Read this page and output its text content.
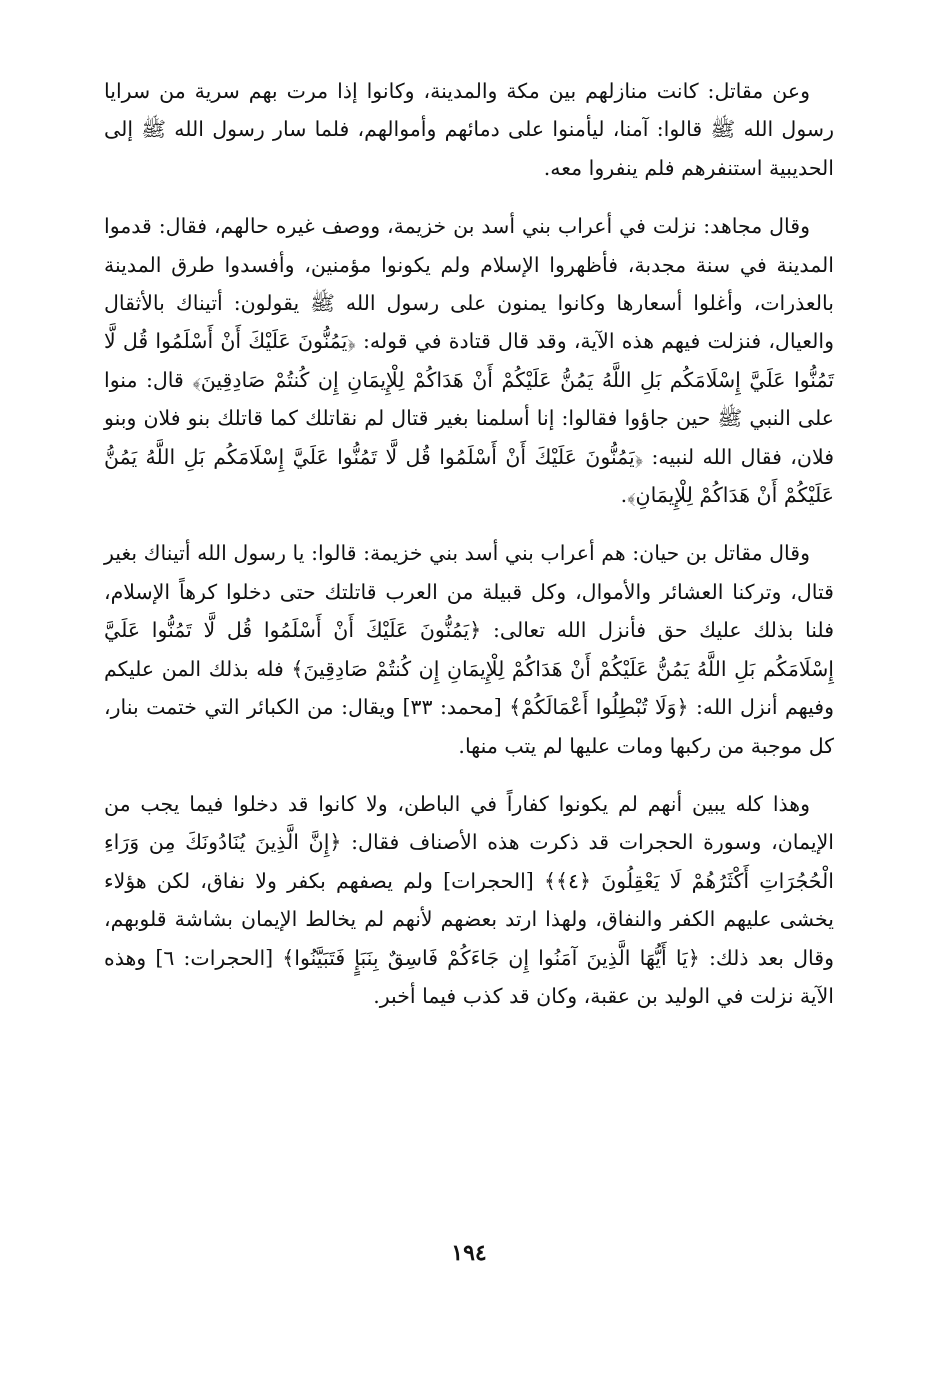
وعن مقاتل: كانت منازلهم بين مكة والمدينة، وكانوا إذا مرت بهم سرية من سرايا رسول الله ﷺ قالوا: آمنا، ليأمنوا على دمائهم وأموالهم، فلما سار رسول الله ﷺ إلى الحديبية استنفرهم فلم ينفروا معه.

وقال مجاهد: نزلت في أعراب بني أسد بن خزيمة، ووصف غيره حالهم، فقال: قدموا المدينة في سنة مجدبة، فأظهروا الإسلام ولم يكونوا مؤمنين، وأفسدوا طرق المدينة بالعذرات، وأغلوا أسعارها وكانوا يمنون على رسول الله ﷺ يقولون: أتيناك بالأثقال والعيال، فنزلت فيهم هذه الآية، وقد قال قتادة في قوله: ﴿يَمُنُّونَ عَلَيْكَ أَنْ أَسْلَمُوا قُل لَّا تَمُنُّوا عَلَيَّ إِسْلَامَكُم بَلِ اللَّهُ يَمُنُّ عَلَيْكُمْ أَنْ هَدَاكُمْ لِلْإِيمَانِ إِن كُنتُمْ صَادِقِينَ﴾ قال: منوا على النبي ﷺ حين جاؤوا فقالوا: إنا أسلمنا بغير قتال لم نقاتلك كما قاتلك بنو فلان وبنو فلان، فقال الله لنبيه: ﴿يَمُنُّونَ عَلَيْكَ أَنْ أَسْلَمُوا قُل لَّا تَمُنُّوا عَلَيَّ إِسْلَامَكُم بَلِ اللَّهُ يَمُنُّ عَلَيْكُمْ أَنْ هَدَاكُمْ لِلْإِيمَانِ﴾.

وقال مقاتل بن حيان: هم أعراب بني أسد بني خزيمة: قالوا: يا رسول الله أتيناك بغير قتال، وتركنا العشائر والأموال، وكل قبيلة من العرب قاتلتك حتى دخلوا كرهاً الإسلام، فلنا بذلك عليك حق فأنزل الله تعالى: ﴿يَمُنُّونَ عَلَيْكَ أَنْ أَسْلَمُوا قُل لَّا تَمُنُّوا عَلَيَّ إِسْلَامَكُم بَلِ اللَّهُ يَمُنُّ عَلَيْكُمْ أَنْ هَدَاكُمْ لِلْإِيمَانِ إِن كُنتُمْ صَادِقِينَ﴾ فله بذلك المن عليكم وفيهم أنزل الله: ﴿وَلَا تُبْطِلُوا أَعْمَالَكُمْ﴾ [محمد: ٣٣] ويقال: من الكبائر التي ختمت بنار، كل موجبة من ركبها ومات عليها لم يتب منها.

وهذا كله يبين أنهم لم يكونوا كفاراً في الباطن، ولا كانوا قد دخلوا فيما يجب من الإيمان، وسورة الحجرات قد ذكرت هذه الأصناف فقال: ﴿إِنَّ الَّذِينَ يُنَادُونَكَ مِن وَرَاءِ الْحُجُرَاتِ أَكْثَرُهُمْ لَا يَعْقِلُونَ ﴿٤﴾﴾ [الحجرات] ولم يصفهم بكفر ولا نفاق، لكن هؤلاء يخشى عليهم الكفر والنفاق، ولهذا ارتد بعضهم لأنهم لم يخالط الإيمان بشاشة قلوبهم، وقال بعد ذلك: ﴿يَا أَيُّهَا الَّذِينَ آمَنُوا إِن جَاءَكُمْ فَاسِقٌ بِنَبَإٍ فَتَبَيَّنُوا﴾ [الحجرات: ٦] وهذه الآية نزلت في الوليد بن عقبة، وكان قد كذب فيما أخبر.

١٩٤
